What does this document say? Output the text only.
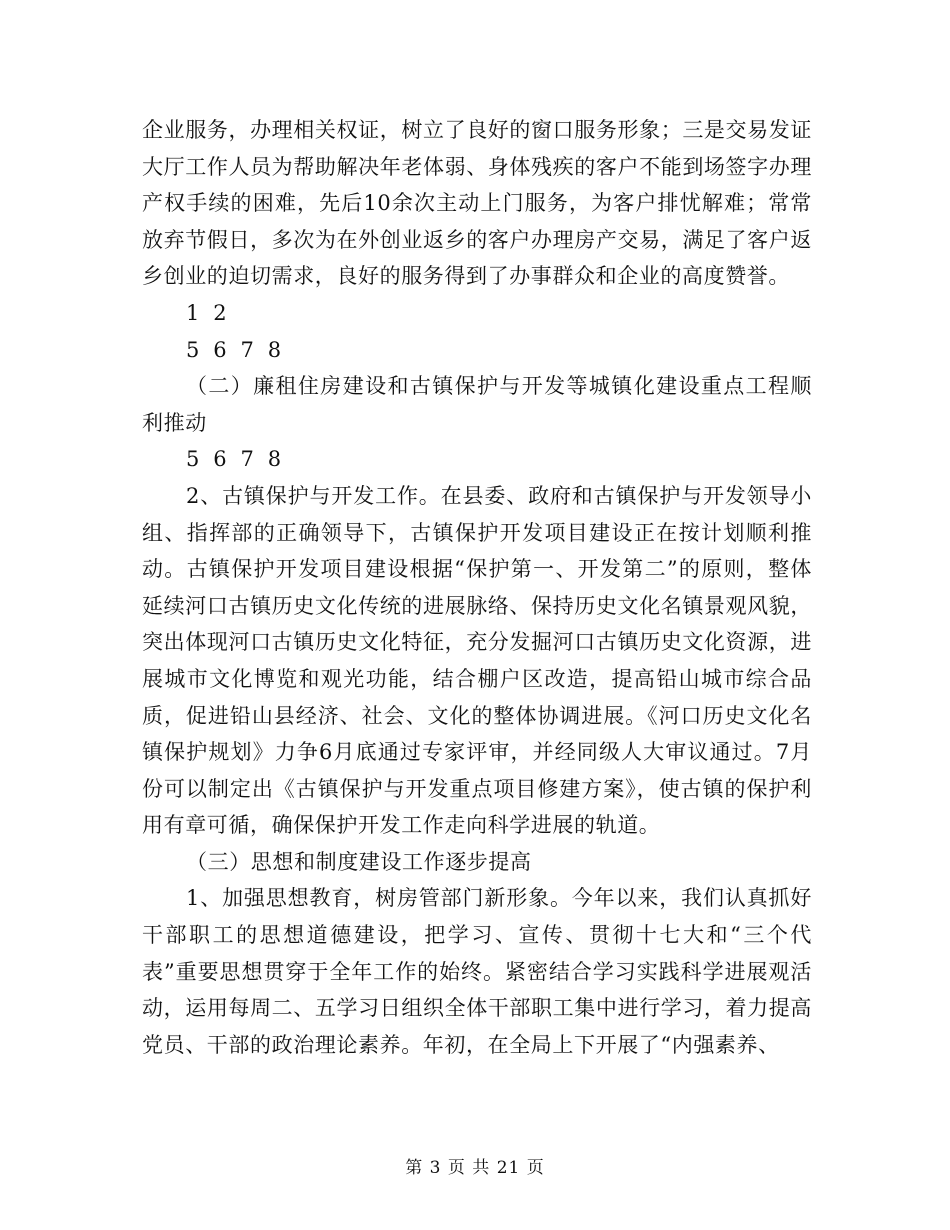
企业服务，办理相关权证，树立了良好的窗口服务形象；三是交易发证大厅工作人员为帮助解决年老体弱、身体残疾的客户不能到场签字办理产权手续的困难，先后10余次主动上门服务，为客户排忧解难；常常放弃节假日，多次为在外创业返乡的客户办理房产交易，满足了客户返乡创业的迫切需求，良好的服务得到了办事群众和企业的高度赞誉。

1 2

5 6 7 8

（二）廉租住房建设和古镇保护与开发等城镇化建设重点工程顺利推动

5 6 7 8

2、古镇保护与开发工作。在县委、政府和古镇保护与开发领导小组、指挥部的正确领导下，古镇保护开发项目建设正在按计划顺利推动。古镇保护开发项目建设根据“保护第一、开发第二”的原则，整体延续河口古镇历史文化传统的进展脉络、保持历史文化名镇景观风貌，突出体现河口古镇历史文化特征，充分发掘河口古镇历史文化资源，进展城市文化博览和观光功能，结合棚户区改造，提高铅山城市综合品质，促进铅山县经济、社会、文化的整体协调进展。《河口历史文化名镇保护规划》力争6月底通过专家评审，并经同级人大审议通过。7月份可以制定出《古镇保护与开发重点项目修建方案》，使古镇的保护利用有章可循，确保保护开发工作走向科学进展的轨道。

（三）思想和制度建设工作逐步提高

1、加强思想教育，树房管部门新形象。今年以来，我们认真抓好干部职工的思想道德建设，把学习、宣传、贯彻十七大和“三个代表”重要思想贯穿于全年工作的始终。紧密结合学习实践科学进展观活动，运用每周二、五学习日组织全体干部职工集中进行学习，着力提高党员、干部的政治理论素养。年初，在全局上下开展了“内强素养、

第 3 页 共 21 页
